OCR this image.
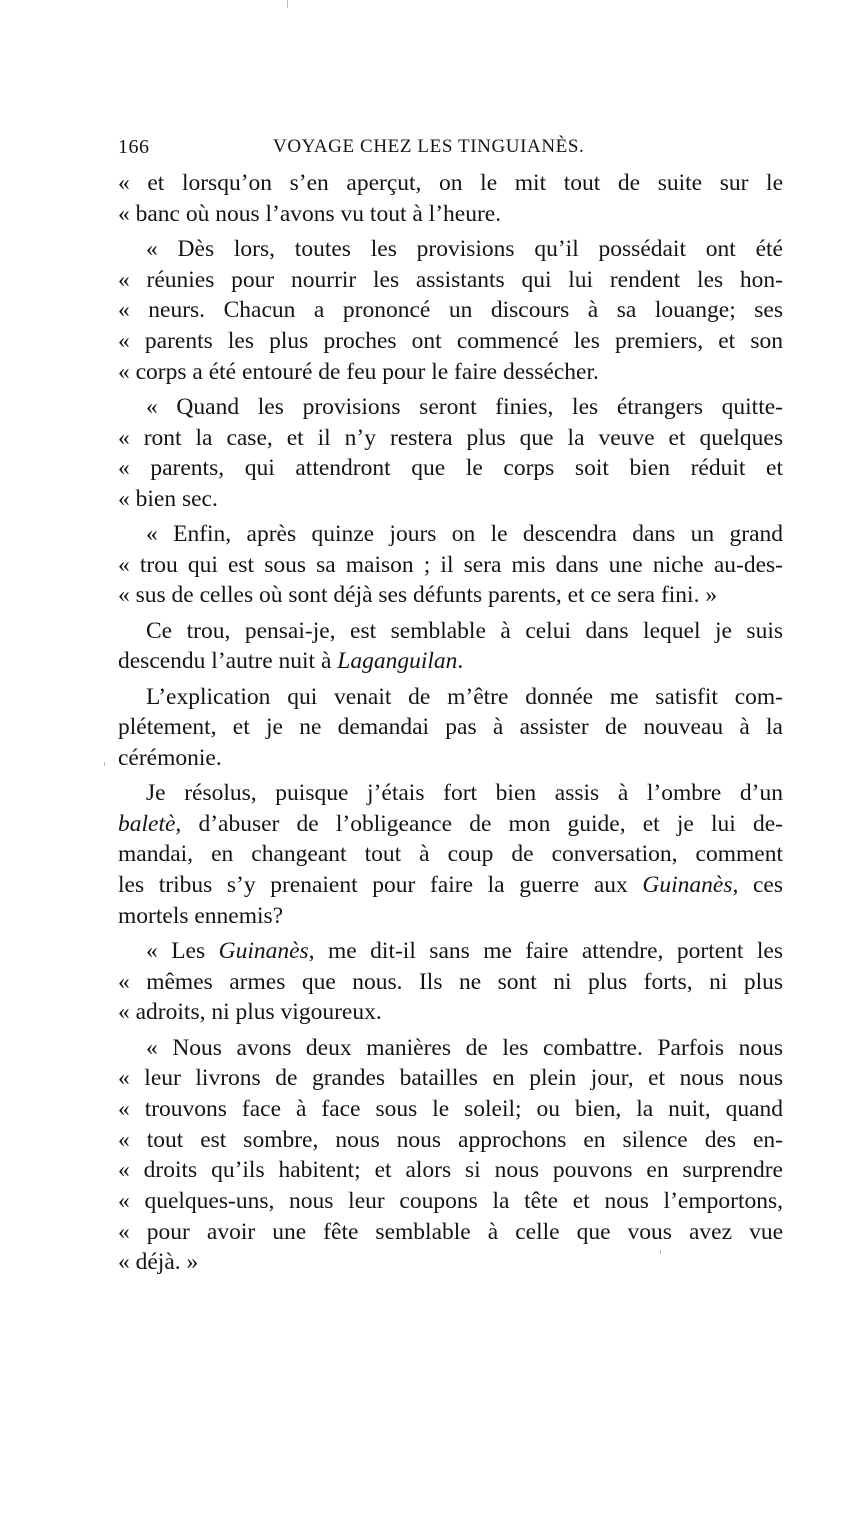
166	VOYAGE CHEZ LES TINGUIANÈS.
« et lorsqu’on s’en aperçut, on le mit tout de suite sur le
« banc où nous l’avons vu tout à l’heure.
« Dès lors, toutes les provisions qu’il possédait ont été
« réunies pour nourrir les assistants qui lui rendent les hon-
« neurs. Chacun a prononcé un discours à sa louange; ses
« parents les plus proches ont commencé les premiers, et son
« corps a été entouré de feu pour le faire dessécher.
« Quand les provisions seront finies, les étrangers quitte-
« ront la case, et il n’y restera plus que la veuve et quelques
« parents, qui attendront que le corps soit bien réduit et
« bien sec.
« Enfin, après quinze jours on le descendra dans un grand
« trou qui est sous sa maison ; il sera mis dans une niche au-des-
« sus de celles où sont déjà ses défunts parents, et ce sera fini. »
Ce trou, pensai-je, est semblable à celui dans lequel je suis
descendu l’autre nuit à Laganguilan.
L’explication qui venait de m’être donnée me satisfit com-
plétement, et je ne demandai pas à assister de nouveau à la
cérémonie.
Je résolus, puisque j’étais fort bien assis à l’ombre d’un
baletè, d’abuser de l’obligeance de mon guide, et je lui de-
mandai, en changeant tout à coup de conversation, comment
les tribus s’y prenaient pour faire la guerre aux Guinanès, ces
mortels ennemis?
« Les Guinanès, me dit-il sans me faire attendre, portent les
« mêmes armes que nous. Ils ne sont ni plus forts, ni plus
« adroits, ni plus vigoureux.
« Nous avons deux manières de les combattre. Parfois nous
« leur livrons de grandes batailles en plein jour, et nous nous
« trouvons face à face sous le soleil; ou bien, la nuit, quand
« tout est sombre, nous nous approchons en silence des en-
« droits qu’ils habitent; et alors si nous pouvons en surprendre
« quelques-uns, nous leur coupons la tête et nous l’emportons,
« pour avoir une fête semblable à celle que vous avez vue
« déjà. »
